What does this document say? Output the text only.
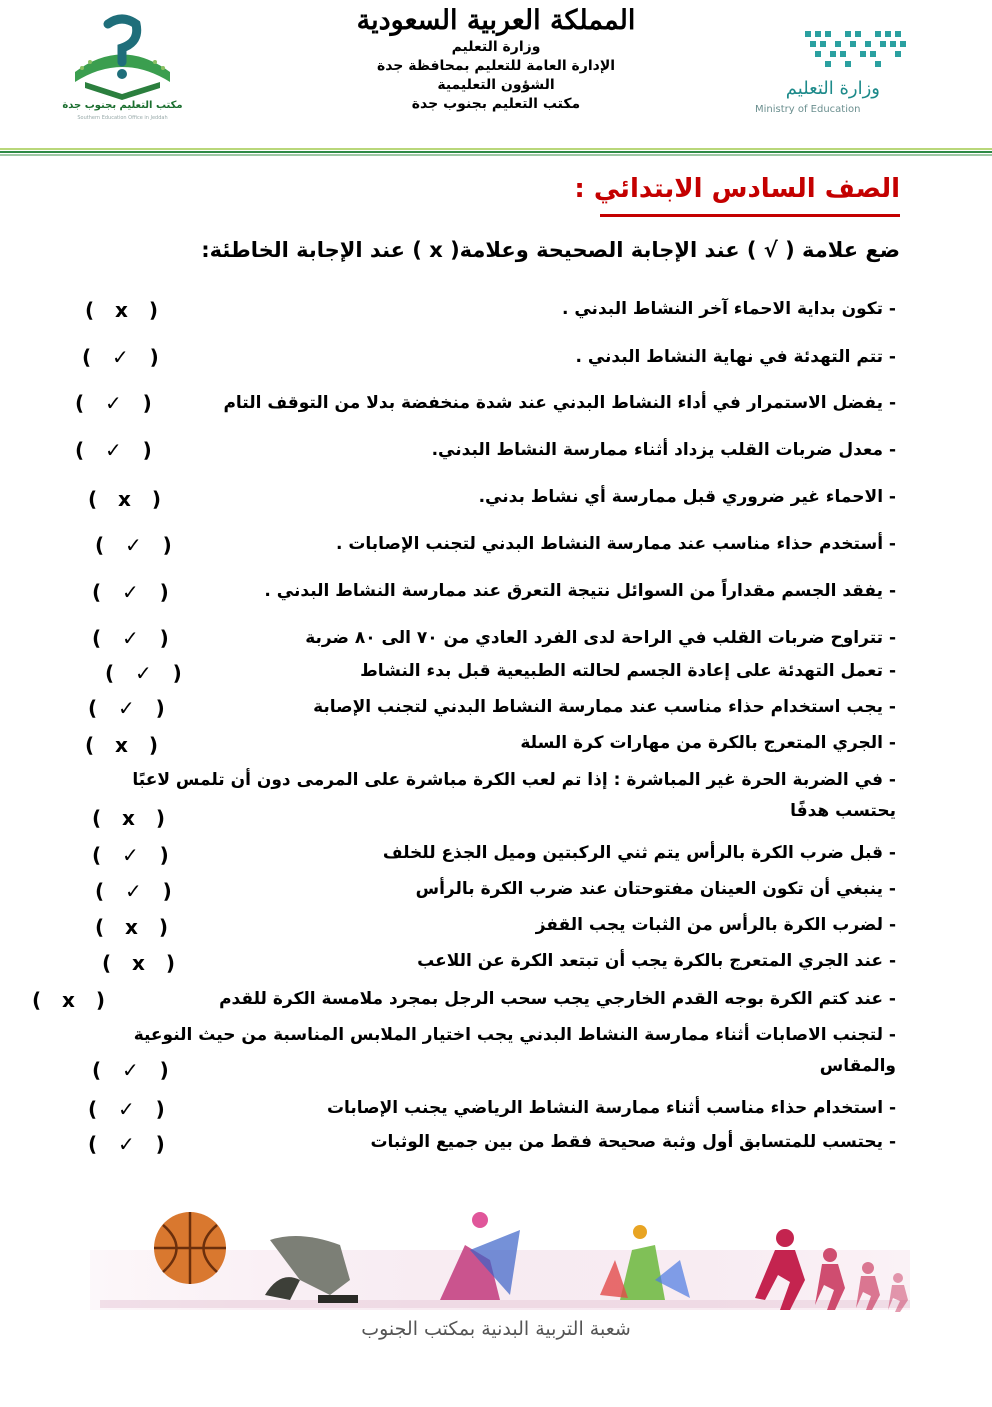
مكتب التعليم بجنوب جدة
Southern Education Office in Jeddah
المملكة العربية السعودية
وزارة التعليم
الإدارة العامة للتعليم بمحافظة جدة
الشؤون التعليمية
مكتب التعليم بجنوب جدة
وزارة التعليم
Ministry of Education
الصف السادس الابتدائي :
ضع علامة ( √ ) عند الإجابة الصحيحة وعلامة( x ) عند الإجابة الخاطئة:
- تكون بداية الاحماء آخر النشاط البدني .
(   x   )
- تتم التهدئة في نهاية النشاط البدني .
(   ✓   )
- يفضل الاستمرار في أداء النشاط البدني عند شدة منخفضة بدلا من التوقف التام
(   ✓   )
- معدل ضربات القلب يزداد أثناء ممارسة النشاط البدني.
(   ✓   )
- الاحماء غير ضروري قبل ممارسة أي نشاط بدني.
(   x   )
- أستخدم حذاء مناسب عند ممارسة النشاط البدني لتجنب الإصابات .
(   ✓   )
- يفقد الجسم مقداراً من السوائل نتيجة التعرق عند ممارسة النشاط البدني .
(   ✓   )
- تتراوح ضربات القلب في الراحة لدى الفرد العادي من ٧٠ الى ٨٠ ضربة
(   ✓   )
- تعمل التهدئة على إعادة الجسم لحالته الطبيعية قبل بدء النشاط
(   ✓   )
- يجب استخدام حذاء مناسب عند ممارسة النشاط البدني لتجنب الإصابة
(   ✓   )
- الجري المتعرج بالكرة من مهارات كرة السلة
(   x   )
- في الضربة الحرة غير المباشرة : إذا تم لعب الكرة مباشرة على المرمى دون أن تلمس لاعبًا يحتسب هدفًا
(   x   )
- قبل ضرب الكرة بالرأس يتم ثني الركبتين وميل الجذع للخلف
(   ✓   )
- ينبغي أن تكون العينان مفتوحتان عند ضرب الكرة بالرأس
(   ✓   )
- لضرب الكرة بالرأس من الثبات يجب القفز
(   x   )
- عند الجري المتعرج بالكرة يجب أن تبتعد الكرة عن اللاعب
(   x   )
- عند كتم الكرة بوجه القدم الخارجي يجب سحب الرجل بمجرد ملامسة الكرة للقدم
(   x   )
- لتجنب الاصابات أثناء ممارسة النشاط البدني يجب اختيار الملابس المناسبة من حيث النوعية والمقاس
(   ✓   )
- استخدام حذاء مناسب أثناء ممارسة النشاط الرياضي يجنب الإصابات
(   ✓   )
- يحتسب للمتسابق أول وثبة صحيحة فقط من بين جميع الوثبات
(   ✓   )
شعبة التربية البدنية بمكتب الجنوب
